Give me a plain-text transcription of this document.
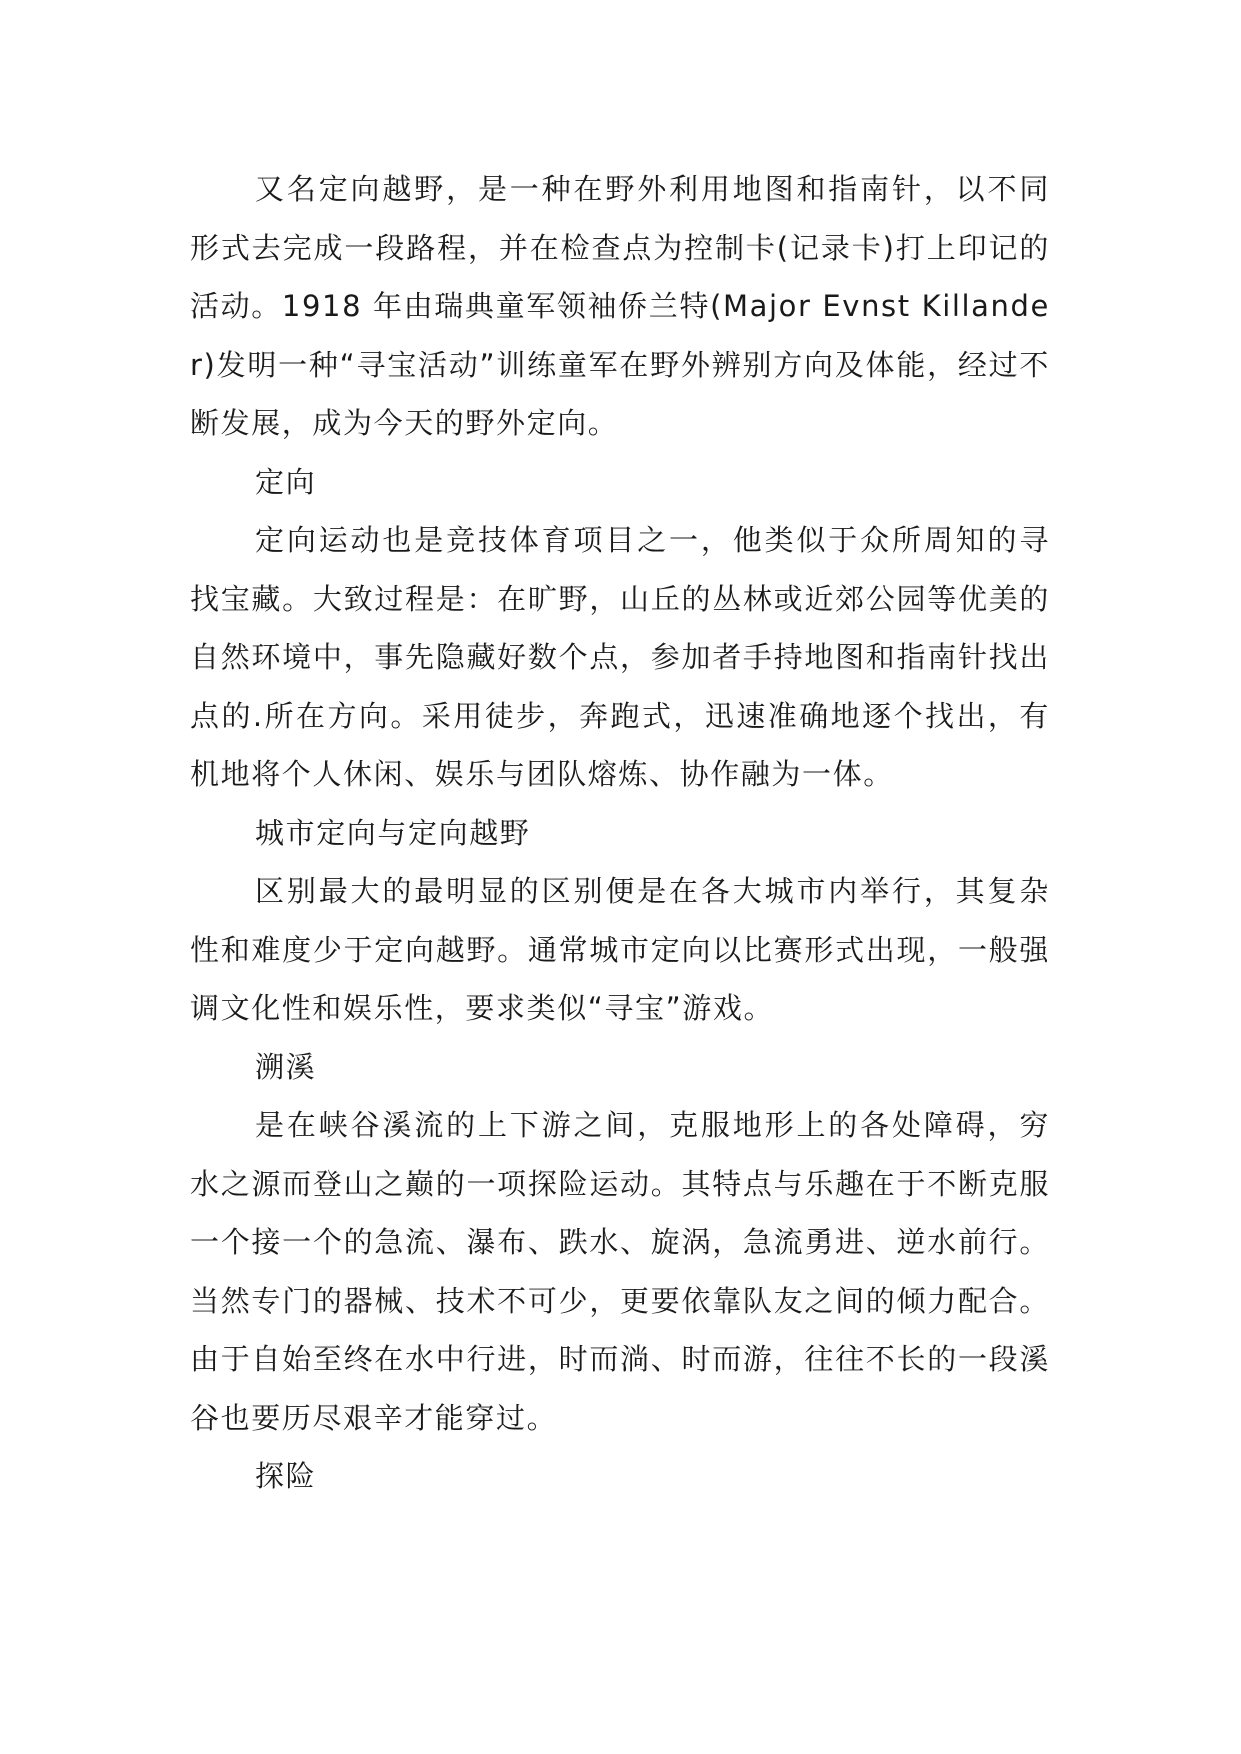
又名定向越野，是一种在野外利用地图和指南针，以不同形式去完成一段路程，并在检查点为控制卡(记录卡)打上印记的活动。1918 年由瑞典童军领袖侨兰特(Major Evnst Killander)发明一种“寻宝活动”训练童军在野外辨别方向及体能，经过不断发展，成为今天的野外定向。

定向

定向运动也是竞技体育项目之一，他类似于众所周知的寻找宝藏。大致过程是：在旷野，山丘的丛林或近郊公园等优美的自然环境中，事先隐藏好数个点，参加者手持地图和指南针找出点的.所在方向。采用徒步，奔跑式，迅速准确地逐个找出，有机地将个人休闲、娱乐与团队熔炼、协作融为一体。

城市定向与定向越野

区别最大的最明显的区别便是在各大城市内举行，其复杂性和难度少于定向越野。通常城市定向以比赛形式出现，一般强调文化性和娱乐性，要求类似“寻宝”游戏。

溯溪

是在峡谷溪流的上下游之间，克服地形上的各处障碍，穷水之源而登山之巅的一项探险运动。其特点与乐趣在于不断克服一个接一个的急流、瀑布、跌水、旋涡，急流勇进、逆水前行。当然专门的器械、技术不可少，更要依靠队友之间的倾力配合。由于自始至终在水中行进，时而淌、时而游，往往不长的一段溪谷也要历尽艰辛才能穿过。

探险
